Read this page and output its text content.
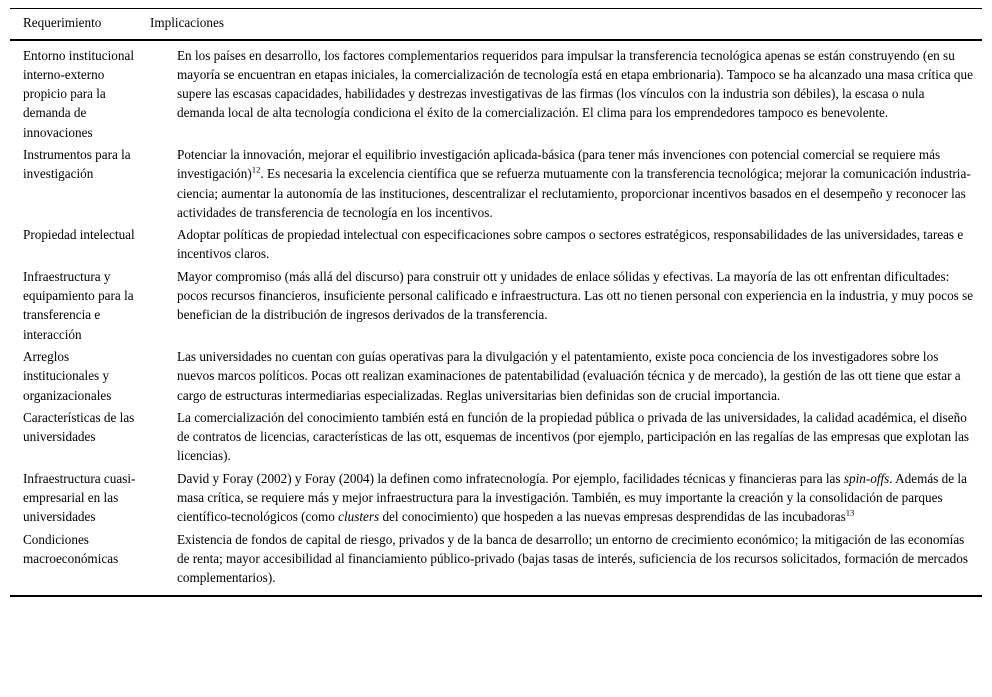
Requerimiento	Implicaciones
Entorno institucional interno-externo propicio para la demanda de innovaciones
En los países en desarrollo, los factores complementarios requeridos para impulsar la transferencia tecnológica apenas se están construyendo (en su mayoría se encuentran en etapas iniciales, la comercialización de tecnología está en etapa embrionaria). Tampoco se ha alcanzado una masa crítica que supere las escasas capacidades, habilidades y destrezas investigativas de las firmas (los vínculos con la industria son débiles), la escasa o nula demanda local de alta tecnología condiciona el éxito de la comercialización. El clima para los emprendedores tampoco es benevolente.
Instrumentos para la investigación
Potenciar la innovación, mejorar el equilibrio investigación aplicada-básica (para tener más invenciones con potencial comercial se requiere más investigación)$^{12}$. Es necesaria la excelencia científica que se refuerza mutuamente con la transferencia tecnológica; mejorar la comunicación industria-ciencia; aumentar la autonomía de las instituciones, descentralizar el reclutamiento, proporcionar incentivos basados en el desempeño y reconocer las actividades de transferencia de tecnología en los incentivos.
Propiedad intelectual	Adoptar políticas de propiedad intelectual con especificaciones sobre campos o sectores estratégicos, responsabilidades de las universidades, tareas e incentivos claros.
Infraestructura y equipamiento para la transferencia e interacción
Mayor compromiso (más allá del discurso) para construir ott y unidades de enlace sólidas y efectivas. La mayoría de las ott enfrentan dificultades: pocos recursos financieros, insuficiente personal calificado e infraestructura. Las ott no tienen personal con experiencia en la industria, y muy pocos se benefician de la distribución de ingresos derivados de la transferencia.
Arreglos institucionales y organizacionales
Las universidades no cuentan con guías operativas para la divulgación y el patentamiento, existe poca conciencia de los investigadores sobre los nuevos marcos políticos. Pocas ott realizan examinaciones de patentabilidad (evaluación técnica y de mercado), la gestión de las ott tiene que estar a cargo de estructuras intermediarias especializadas. Reglas universitarias bien definidas son de crucial importancia.
Características de las universidades
La comercialización del conocimiento también está en función de la propiedad pública o privada de las universidades, la calidad académica, el diseño de contratos de licencias, características de las ott, esquemas de incentivos (por ejemplo, participación en las regalías de las empresas que explotan las licencias).
Infraestructura cuasi-empresarial en las universidades
David y Foray (2002) y Foray (2004) la definen como infratecnología. Por ejemplo, facilidades técnicas y financieras para las spin-offs. Además de la masa crítica, se requiere más y mejor infraestructura para la investigación. También, es muy importante la creación y la consolidación de parques científico-tecnológicos (como clusters del conocimiento) que hospeden a las nuevas empresas desprendidas de las incubadoras$^{13}$
Condiciones macroeconómicas
Existencia de fondos de capital de riesgo, privados y de la banca de desarrollo; un entorno de crecimiento económico; la mitigación de las economías de renta; mayor accesibilidad al financiamiento público-privado (bajas tasas de interés, suficiencia de los recursos solicitados, formación de mercados complementarios).
